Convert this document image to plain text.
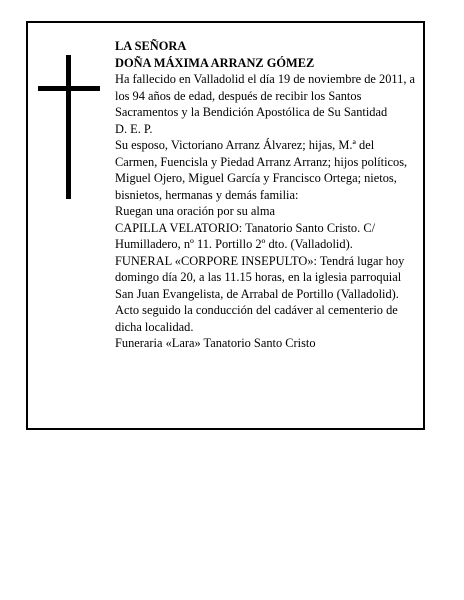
LA SEÑORA

DOÑA MÁXIMA ARRANZ GÓMEZ

Ha fallecido en Valladolid el día 19 de noviembre de 2011, a los 94 años de edad, después de recibir los Santos Sacramentos y la Bendición Apostólica de Su Santidad

D. E. P.

Su esposo, Victoriano Arranz Álvarez; hijas, M.ª del Carmen, Fuencisla y Piedad Arranz Arranz; hijos políticos, Miguel Ojero, Miguel García y Francisco Ortega; nietos, bisnietos, hermanas y demás familia:

Ruegan una oración por su alma

CAPILLA VELATORIO: Tanatorio Santo Cristo. C/ Humilladero, nº 11. Portillo 2º dto. (Valladolid).

FUNERAL «CORPORE INSEPULTO»: Tendrá lugar hoy domingo día 20, a las 11.15 horas, en la iglesia parroquial San Juan Evangelista, de Arrabal de Portillo (Valladolid). Acto seguido la conducción del cadáver al cementerio de dicha localidad.

Funeraria «Lara» Tanatorio Santo Cristo
